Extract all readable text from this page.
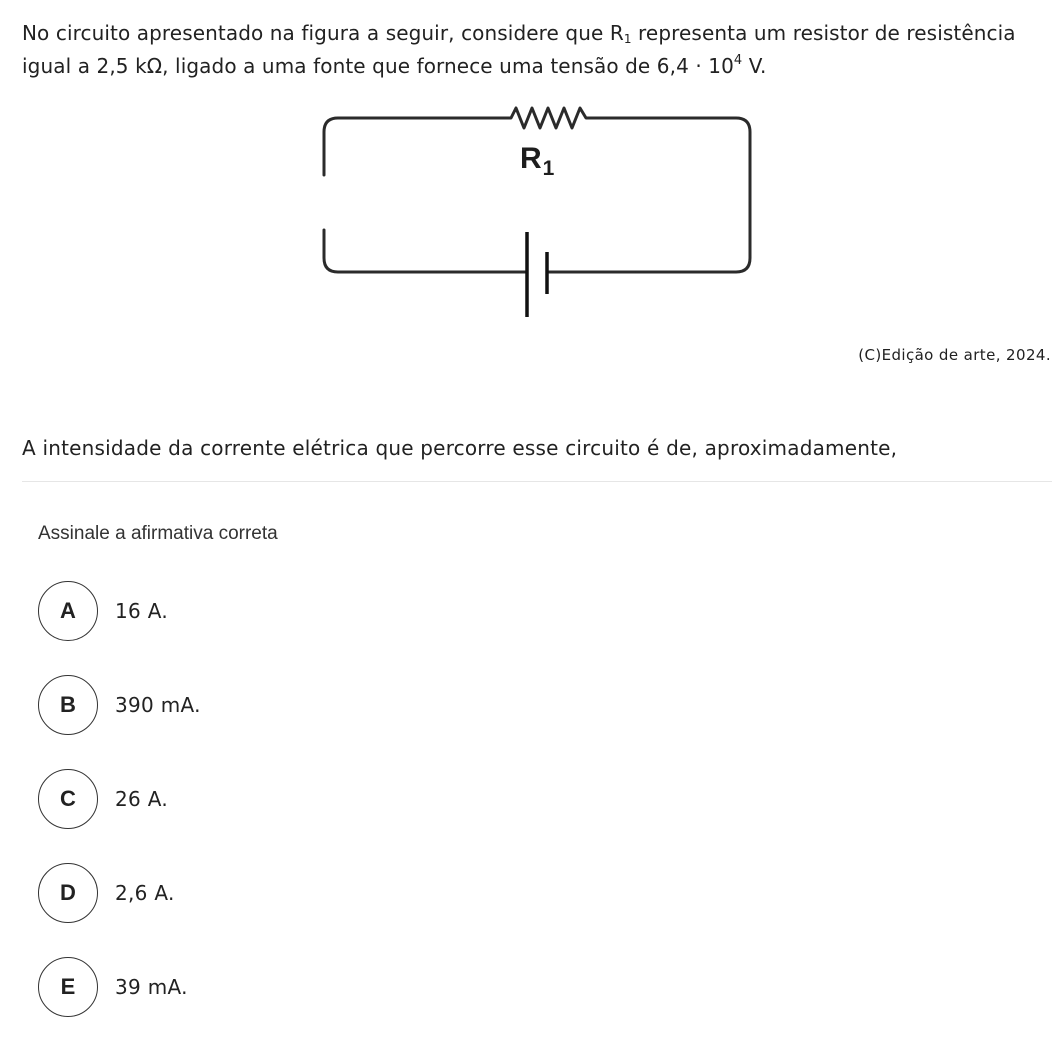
No circuito apresentado na figura a seguir, considere que $R_1$ representa um resistor de resistência igual a 2,5 kΩ, ligado a uma fonte que fornece uma tensão de $6,4 \cdot 10^4$ V.
$R_1$
(C)Edição de arte, 2024.
A intensidade da corrente elétrica que percorre esse circuito é de, aproximadamente,
Assinale a afirmativa correta
A	16 A.
B	390 mA.
C	26 A.
D	2,6 A.
E	39 mA.
